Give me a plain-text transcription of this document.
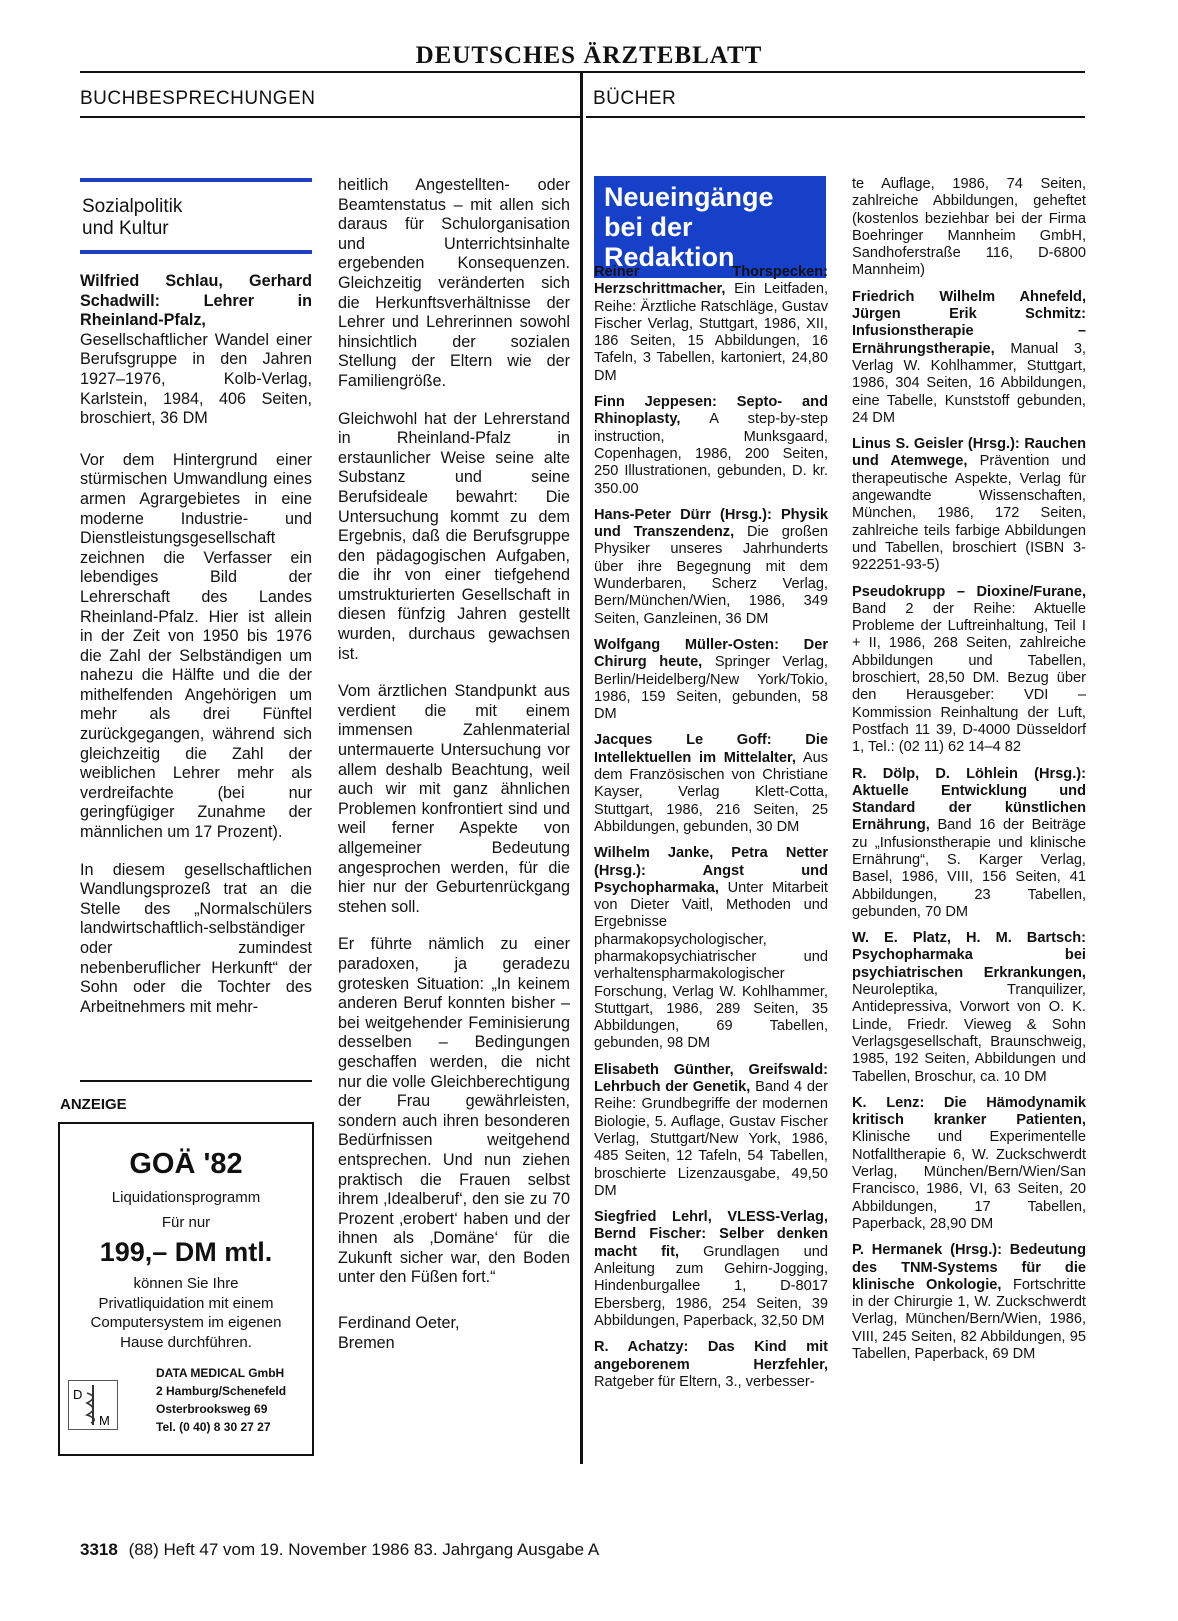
DEUTSCHES ÄRZTEBLATT
BUCHBESPRECHUNGEN	BÜCHER
Sozialpolitik
und Kultur

Wilfried Schlau, Gerhard Schadwill: Lehrer in Rheinland-Pfalz, Gesellschaftlicher Wandel einer Berufsgruppe in den Jahren 1927–1976, Kolb-Verlag, Karlstein, 1984, 406 Seiten, broschiert, 36 DM

Vor dem Hintergrund einer stürmischen Umwandlung eines armen Agrargebietes in eine moderne Industrie- und Dienstleistungsgesellschaft zeichnen die Verfasser ein lebendiges Bild der Lehrerschaft des Landes Rheinland-Pfalz. Hier ist allein in der Zeit von 1950 bis 1976 die Zahl der Selbständigen um nahezu die Hälfte und die der mithelfenden Angehörigen um mehr als drei Fünftel zurückgegangen, während sich gleichzeitig die Zahl der weiblichen Lehrer mehr als verdreifachte (bei nur geringfügiger Zunahme der männlichen um 17 Prozent).

In diesem gesellschaftlichen Wandlungsprozeß trat an die Stelle des „Normalschülers landwirtschaftlich-selbständiger oder zumindest nebenberuflicher Herkunft“ der Sohn oder die Tochter des Arbeitnehmers mit mehr-

ANZEIGE
GOÄ '82
Liquidationsprogramm
Für nur
199,– DM mtl.
können Sie Ihre
Privatliquidation mit einem
Computersystem im eigenen
Hause durchführen.
D
M
DATA MEDICAL GmbH
2 Hamburg/Schenefeld
Osterbrooksweg 69
Tel. (0 40) 8 30 27 27

heitlich Angestellten- oder Beamtenstatus – mit allen sich daraus für Schulorganisation und Unterrichtsinhalte ergebenden Konsequenzen. Gleichzeitig veränderten sich die Herkunftsverhältnisse der Lehrer und Lehrerinnen sowohl hinsichtlich der sozialen Stellung der Eltern wie der Familiengröße.

Gleichwohl hat der Lehrerstand in Rheinland-Pfalz in erstaunlicher Weise seine alte Substanz und seine Berufsideale bewahrt: Die Untersuchung kommt zu dem Ergebnis, daß die Berufsgruppe den pädagogischen Aufgaben, die ihr von einer tiefgehend umstrukturierten Gesellschaft in diesen fünfzig Jahren gestellt wurden, durchaus gewachsen ist.

Vom ärztlichen Standpunkt aus verdient die mit einem immensen Zahlenmaterial untermauerte Untersuchung vor allem deshalb Beachtung, weil auch wir mit ganz ähnlichen Problemen konfrontiert sind und weil ferner Aspekte von allgemeiner Bedeutung angesprochen werden, für die hier nur der Geburtenrückgang stehen soll.

Er führte nämlich zu einer paradoxen, ja geradezu grotesken Situation: „In keinem anderen Beruf konnten bisher – bei weitgehender Feminisierung desselben – Bedingungen geschaffen werden, die nicht nur die volle Gleichberechtigung der Frau gewährleisten, sondern auch ihren besonderen Bedürfnissen weitgehend entsprechen. Und nun ziehen praktisch die Frauen selbst ihrem ‚Idealberuf‘, den sie zu 70 Prozent ‚erobert‘ haben und der ihnen als ‚Domäne‘ für die Zukunft sicher war, den Boden unter den Füßen fort.“

Ferdinand Oeter,
Bremen
Neueingänge
bei der Redaktion

Reiner Thorspecken: Herzschrittmacher, Ein Leitfaden, Reihe: Ärztliche Ratschläge, Gustav Fischer Verlag, Stuttgart, 1986, XII, 186 Seiten, 15 Abbildungen, 16 Tafeln, 3 Tabellen, kartoniert, 24,80 DM

Finn Jeppesen: Septo- and Rhinoplasty, A step-by-step instruction, Munksgaard, Copenhagen, 1986, 200 Seiten, 250 Illustrationen, gebunden, D. kr. 350.00

Hans-Peter Dürr (Hrsg.): Physik und Transzendenz, Die großen Physiker unseres Jahrhunderts über ihre Begegnung mit dem Wunderbaren, Scherz Verlag, Bern/München/Wien, 1986, 349 Seiten, Ganzleinen, 36 DM

Wolfgang Müller-Osten: Der Chirurg heute, Springer Verlag, Berlin/Heidelberg/New York/Tokio, 1986, 159 Seiten, gebunden, 58 DM

Jacques Le Goff: Die Intellektuellen im Mittelalter, Aus dem Französischen von Christiane Kayser, Verlag Klett-Cotta, Stuttgart, 1986, 216 Seiten, 25 Abbildungen, gebunden, 30 DM

Wilhelm Janke, Petra Netter (Hrsg.): Angst und Psychopharmaka, Unter Mitarbeit von Dieter Vaitl, Methoden und Ergebnisse pharmakopsychologischer, pharmakopsychiatrischer und verhaltenspharmakologischer Forschung, Verlag W. Kohlhammer, Stuttgart, 1986, 289 Seiten, 35 Abbildungen, 69 Tabellen, gebunden, 98 DM

Elisabeth Günther, Greifswald: Lehrbuch der Genetik, Band 4 der Reihe: Grundbegriffe der modernen Biologie, 5. Auflage, Gustav Fischer Verlag, Stuttgart/New York, 1986, 485 Seiten, 12 Tafeln, 54 Tabellen, broschierte Lizenzausgabe, 49,50 DM

Siegfried Lehrl, VLESS-Verlag, Bernd Fischer: Selber denken macht fit, Grundlagen und Anleitung zum Gehirn-Jogging, Hindenburgallee 1, D-8017 Ebersberg, 1986, 254 Seiten, 39 Abbildungen, Paperback, 32,50 DM

R. Achatzy: Das Kind mit angeborenem Herzfehler, Ratgeber für Eltern, 3., verbesser-

te Auflage, 1986, 74 Seiten, zahlreiche Abbildungen, geheftet (kostenlos beziehbar bei der Firma Boehringer Mannheim GmbH, Sandhoferstraße 116, D-6800 Mannheim)

Friedrich Wilhelm Ahnefeld, Jürgen Erik Schmitz: Infusionstherapie – Ernährungstherapie, Manual 3, Verlag W. Kohlhammer, Stuttgart, 1986, 304 Seiten, 16 Abbildungen, eine Tabelle, Kunststoff gebunden, 24 DM

Linus S. Geisler (Hrsg.): Rauchen und Atemwege, Prävention und therapeutische Aspekte, Verlag für angewandte Wissenschaften, München, 1986, 172 Seiten, zahlreiche teils farbige Abbildungen und Tabellen, broschiert (ISBN 3-922251-93-5)

Pseudokrupp – Dioxine/Furane, Band 2 der Reihe: Aktuelle Probleme der Luftreinhaltung, Teil I + II, 1986, 268 Seiten, zahlreiche Abbildungen und Tabellen, broschiert, 28,50 DM. Bezug über den Herausgeber: VDI – Kommission Reinhaltung der Luft, Postfach 11 39, D-4000 Düsseldorf 1, Tel.: (02 11) 62 14–4 82

R. Dölp, D. Löhlein (Hrsg.): Aktuelle Entwicklung und Standard der künstlichen Ernährung, Band 16 der Beiträge zu „Infusionstherapie und klinische Ernährung“, S. Karger Verlag, Basel, 1986, VIII, 156 Seiten, 41 Abbildungen, 23 Tabellen, gebunden, 70 DM

W. E. Platz, H. M. Bartsch: Psychopharmaka bei psychiatrischen Erkrankungen, Neuroleptika, Tranquilizer, Antidepressiva, Vorwort von O. K. Linde, Friedr. Vieweg & Sohn Verlagsgesellschaft, Braunschweig, 1985, 192 Seiten, Abbildungen und Tabellen, Broschur, ca. 10 DM

K. Lenz: Die Hämodynamik kritisch kranker Patienten, Klinische und Experimentelle Notfalltherapie 6, W. Zuckschwerdt Verlag, München/Bern/Wien/San Francisco, 1986, VI, 63 Seiten, 20 Abbildungen, 17 Tabellen, Paperback, 28,90 DM

P. Hermanek (Hrsg.): Bedeutung des TNM-Systems für die klinische Onkologie, Fortschritte in der Chirurgie 1, W. Zuckschwerdt Verlag, München/Bern/Wien, 1986, VIII, 245 Seiten, 82 Abbildungen, 95 Tabellen, Paperback, 69 DM

3318 (88) Heft 47 vom 19. November 1986 83. Jahrgang Ausgabe A
